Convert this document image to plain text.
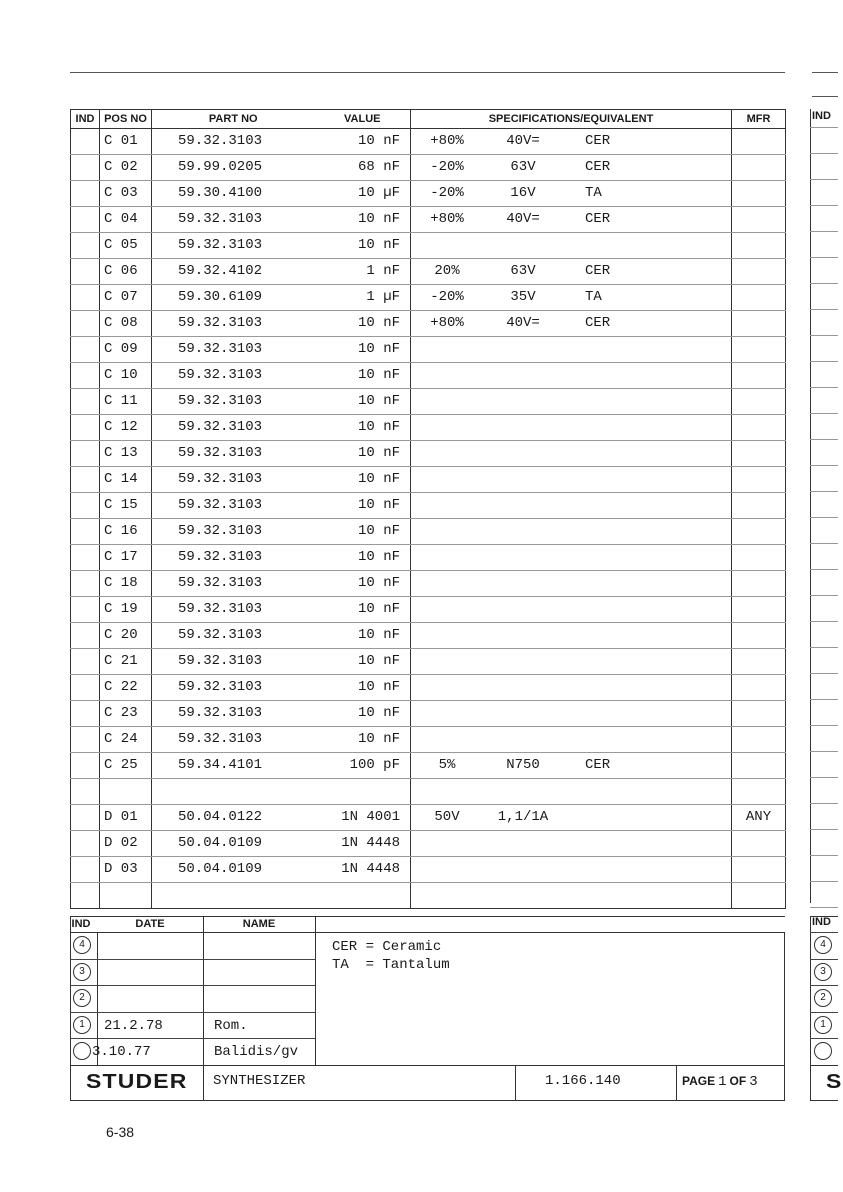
IND	POS NO	PART NO	VALUE	SPECIFICATIONS/EQUIVALENT	MFR
	C 01	59.32.3103	10 nF	+80% 40V= CER	

	C 02	59.99.0205	68 nF	-20% 63V CER	

	C 03	59.30.4100	10 µF	-20% 16V TA	

	C 04	59.32.3103	10 nF	+80% 40V= CER	

	C 05	59.32.3103	10 nF	

	C 06	59.32.4102	1 nF	20% 63V CER	

	C 07	59.30.6109	1 µF	-20% 35V TA	

	C 08	59.32.3103	10 nF	+80% 40V= CER	

	C 09	59.32.3103	10 nF	

	C 10	59.32.3103	10 nF	

	C 11	59.32.3103	10 nF	

	C 12	59.32.3103	10 nF	

	C 13	59.32.3103	10 nF	

	C 14	59.32.3103	10 nF	

	C 15	59.32.3103	10 nF	

	C 16	59.32.3103	10 nF	

	C 17	59.32.3103	10 nF	

	C 18	59.32.3103	10 nF	

	C 19	59.32.3103	10 nF	

	C 20	59.32.3103	10 nF	

	C 21	59.32.3103	10 nF	

	C 22	59.32.3103	10 nF	

	C 23	59.32.3103	10 nF	

	C 24	59.32.3103	10 nF	

	C 25	59.34.4101	100 pF	5% N750 CER	

	D 01	50.04.0122	1N 4001	50V 1,1/1A	ANY
	D 02	50.04.0109	1N 4448	

	D 03	50.04.0109	1N 4448	

IND
DATE	NAME
IND
4
3
2
1	21.2.78	Rom.
3.10.77	Balidis/gv
CER = Ceramic
TA  = Tantalum
STUDER SYNTHESIZER	1.166.140	PAGE 1 OF 3
IND
4
3
2
1
S
6-38
